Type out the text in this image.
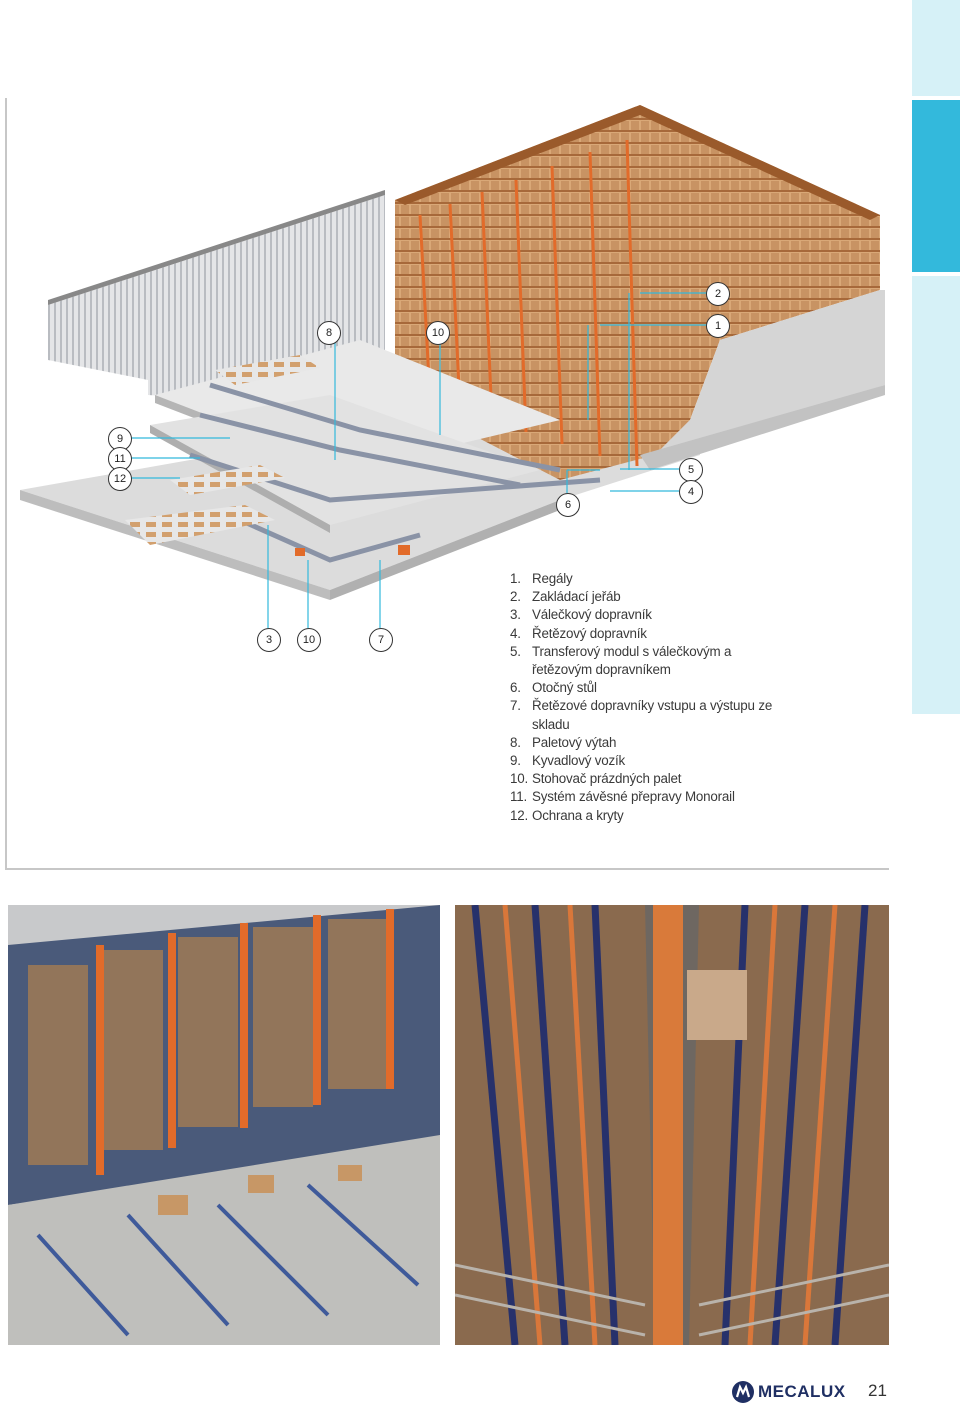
2
1
8	10
9
11
12
5
4
6
3	10	7
1. Regály
2. Zakládací jeřáb
3. Válečkový dopravník
4. Řetězový dopravník
5. Transferový modul s válečkovým a řetězovým dopravníkem
6. Otočný stůl
7. Řetězové dopravníky vstupu a výstupu ze skladu
8. Paletový výtah
9. Kyvadlový vozík
10. Stohovač prázdných palet
11. Systém závěsné přepravy Monorail
12. Ochrana a kryty
MECALUX 21
